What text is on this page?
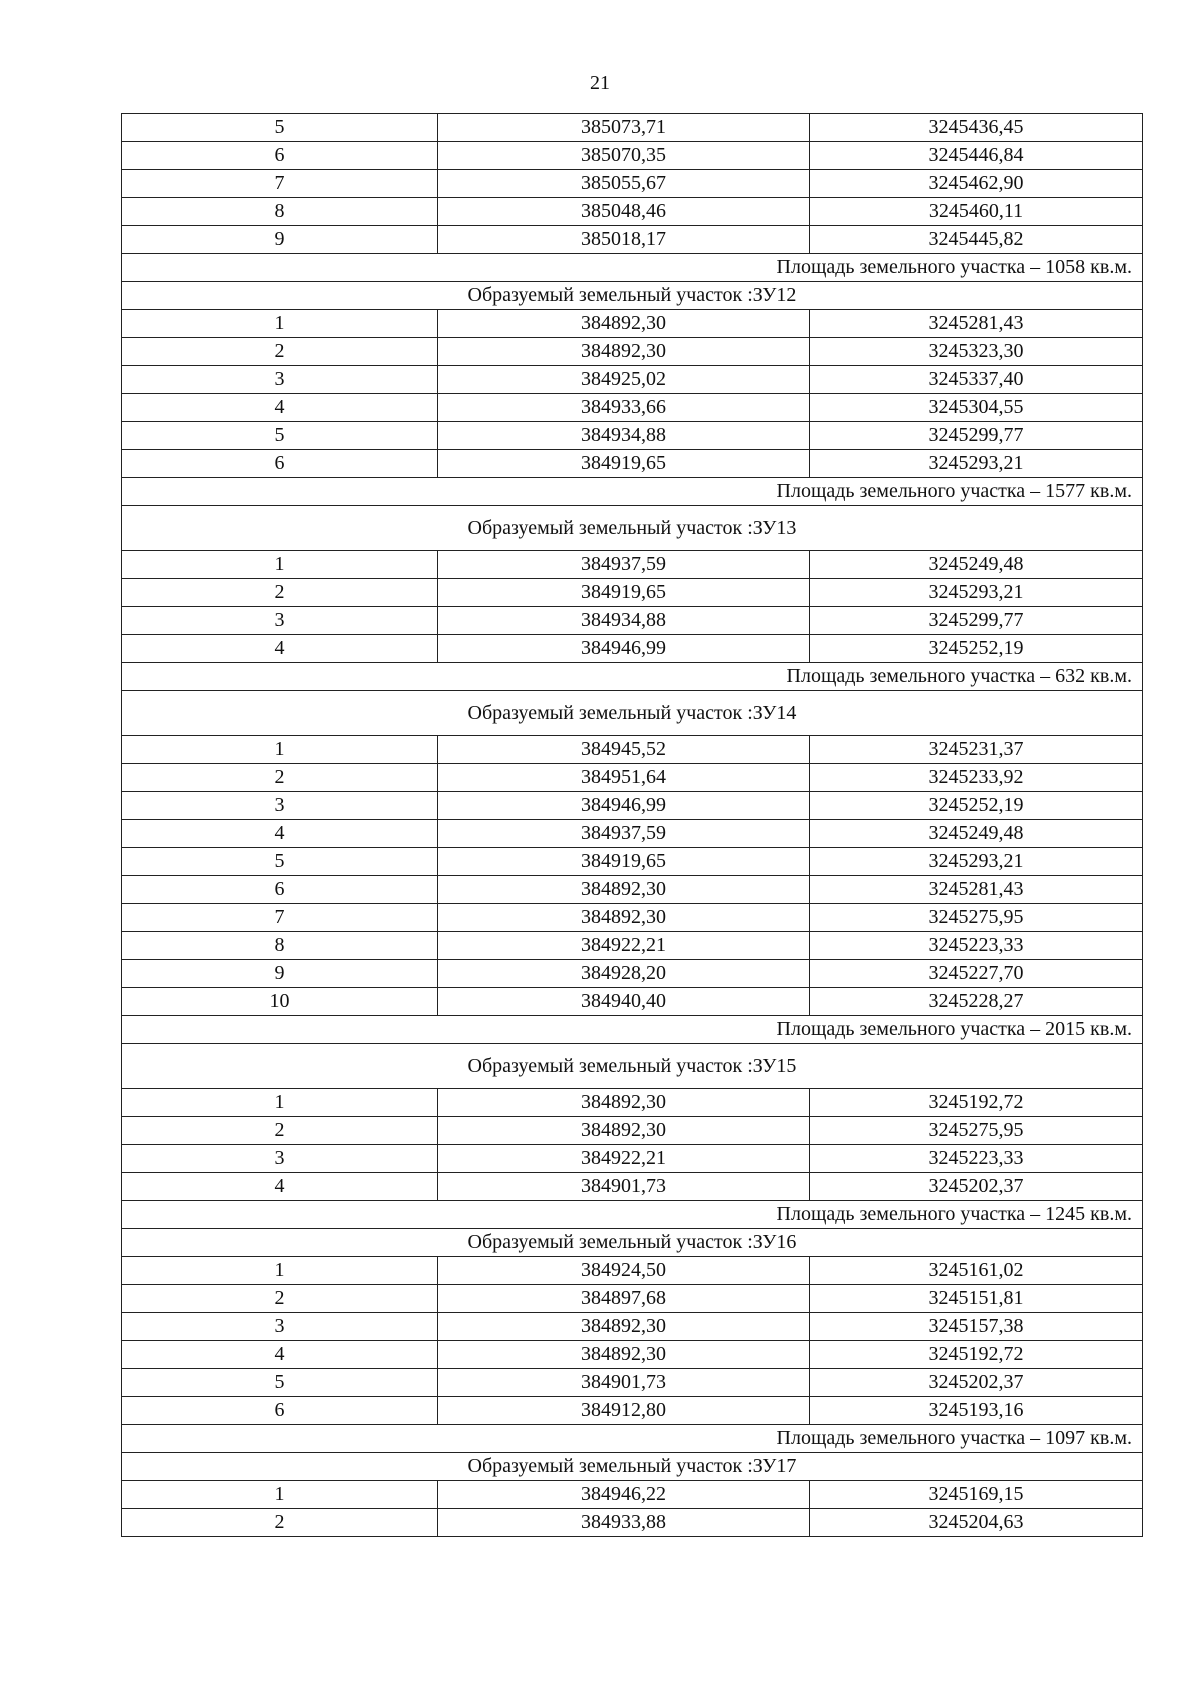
21
5	385073,71	3245436,45
6	385070,35	3245446,84
7	385055,67	3245462,90
8	385048,46	3245460,11
9	385018,17	3245445,82
Площадь земельного участка – 1058 кв.м.		
Образуемый земельный участок :ЗУ12		
1	384892,30	3245281,43
2	384892,30	3245323,30
3	384925,02	3245337,40
4	384933,66	3245304,55
5	384934,88	3245299,77
6	384919,65	3245293,21
Площадь земельного участка – 1577 кв.м.		
Образуемый земельный участок :ЗУ13		
1	384937,59	3245249,48
2	384919,65	3245293,21
3	384934,88	3245299,77
4	384946,99	3245252,19
Площадь земельного участка – 632 кв.м.		
Образуемый земельный участок :ЗУ14		
1	384945,52	3245231,37
2	384951,64	3245233,92
3	384946,99	3245252,19
4	384937,59	3245249,48
5	384919,65	3245293,21
6	384892,30	3245281,43
7	384892,30	3245275,95
8	384922,21	3245223,33
9	384928,20	3245227,70
10	384940,40	3245228,27
Площадь земельного участка – 2015 кв.м.		
Образуемый земельный участок :ЗУ15		
1	384892,30	3245192,72
2	384892,30	3245275,95
3	384922,21	3245223,33
4	384901,73	3245202,37
Площадь земельного участка – 1245 кв.м.		
Образуемый земельный участок :ЗУ16		
1	384924,50	3245161,02
2	384897,68	3245151,81
3	384892,30	3245157,38
4	384892,30	3245192,72
5	384901,73	3245202,37
6	384912,80	3245193,16
Площадь земельного участка – 1097 кв.м.		
Образуемый земельный участок :ЗУ17		
1	384946,22	3245169,15
2	384933,88	3245204,63
